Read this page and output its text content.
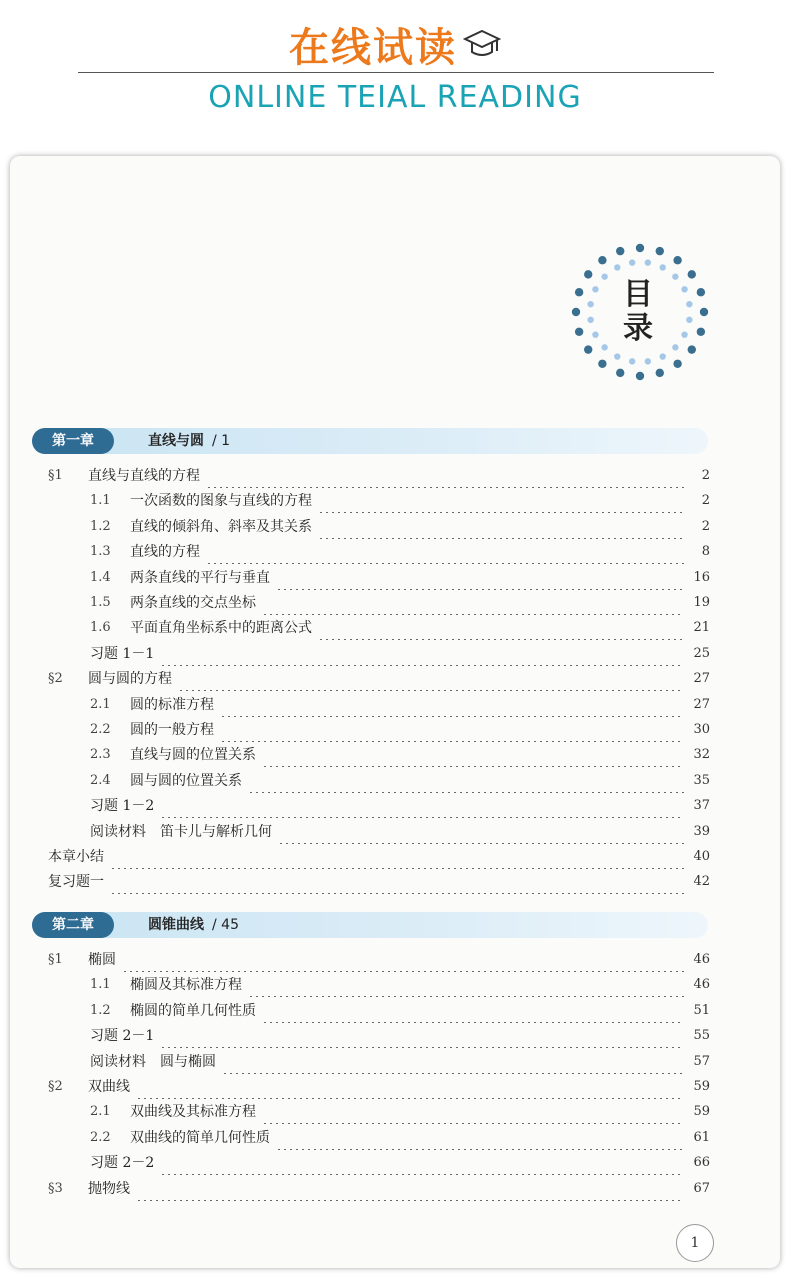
在线试读
ONLINE TEIAL READING
目
录
第一章	直线与圆 / 1
§1	直线与直线的方程	2
1.1	一次函数的图象与直线的方程	2
1.2	直线的倾斜角、斜率及其关系	2
1.3	直线的方程	8
1.4	两条直线的平行与垂直	16
1.5	两条直线的交点坐标	19
1.6	平面直角坐标系中的距离公式	21
习题 1－1	25
§2	圆与圆的方程	27
2.1	圆的标准方程	27
2.2	圆的一般方程	30
2.3	直线与圆的位置关系	32
2.4	圆与圆的位置关系	35
习题 1－2	37
阅读材料　笛卡儿与解析几何	39
本章小结	40
复习题一	42
第二章	圆锥曲线 / 45
§1	椭圆	46
1.1	椭圆及其标准方程	46
1.2	椭圆的简单几何性质	51
习题 2－1	55
阅读材料　圆与椭圆	57
§2	双曲线	59
2.1	双曲线及其标准方程	59
2.2	双曲线的简单几何性质	61
习题 2－2	66
§3	抛物线	67
1
